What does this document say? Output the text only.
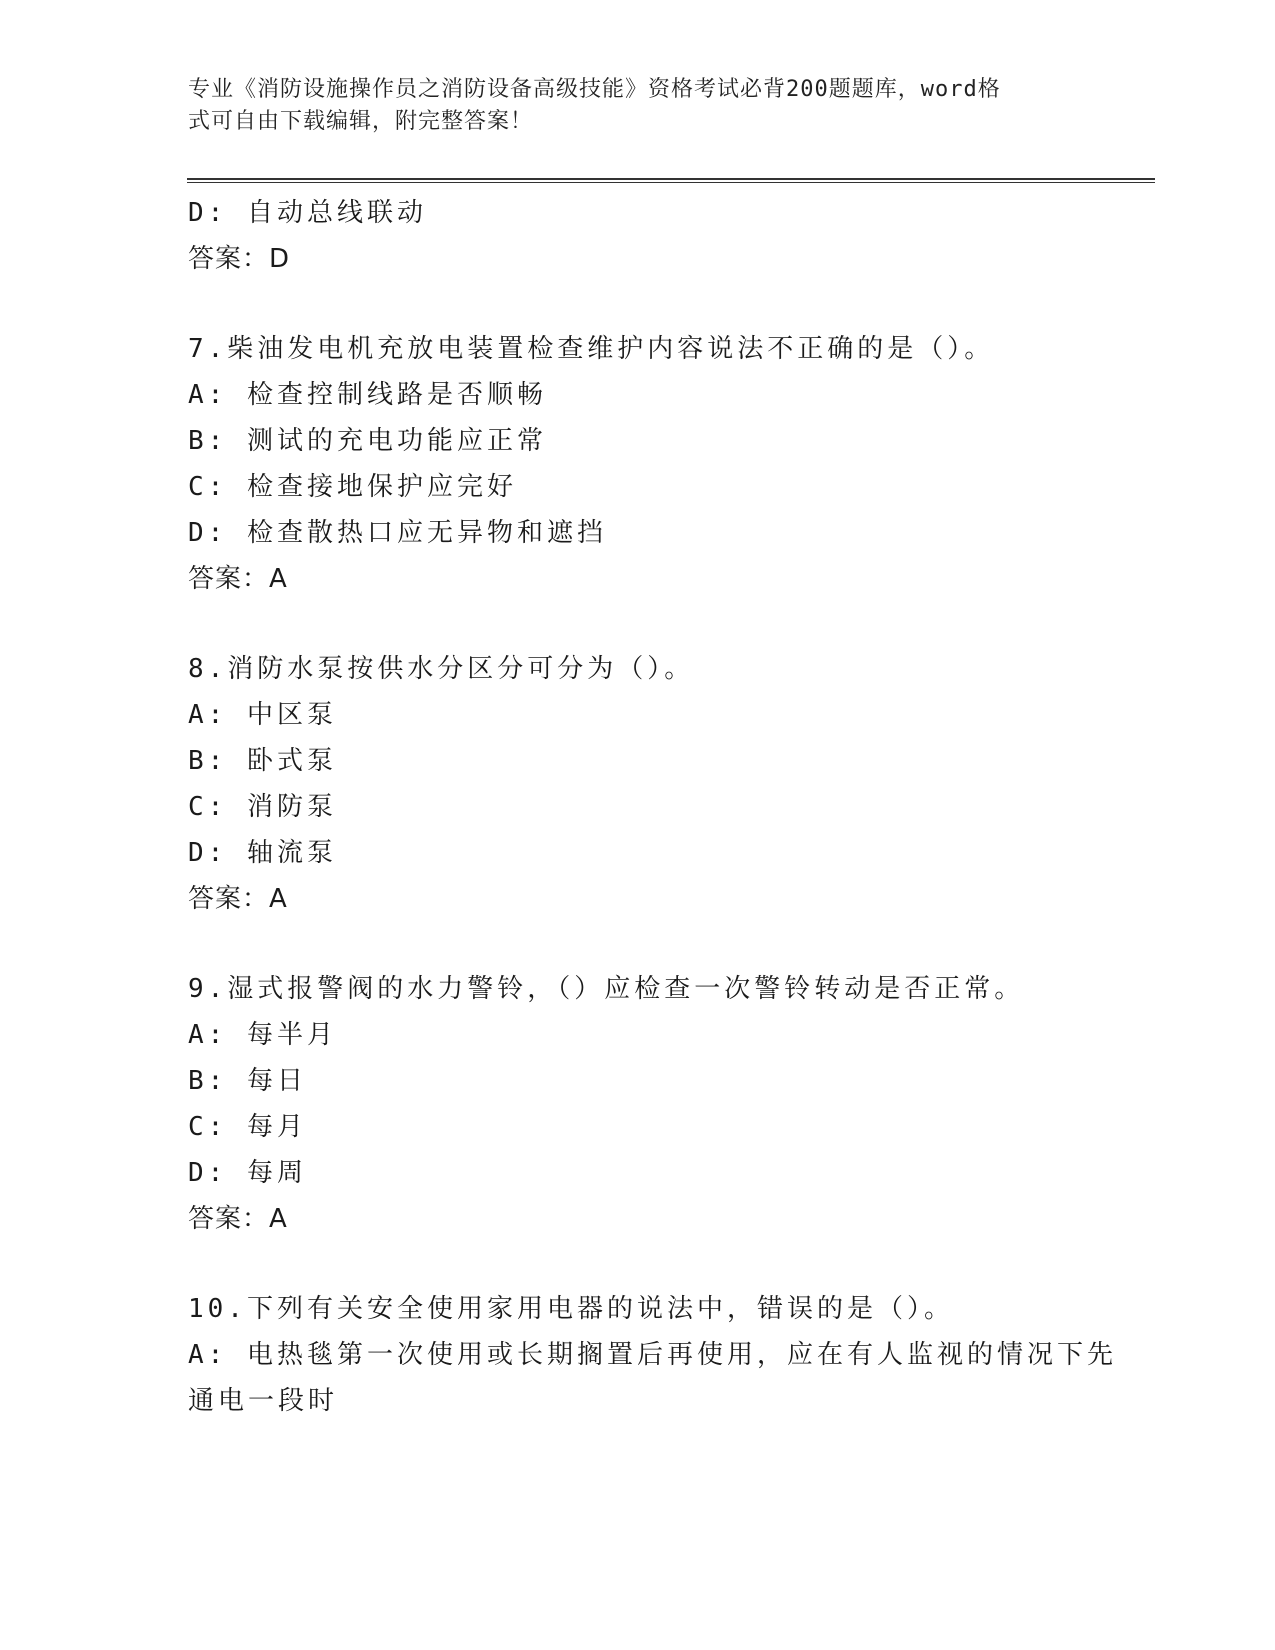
专业《消防设施操作员之消防设备高级技能》资格考试必背200题题库，word格
式可自由下载编辑，附完整答案！
D: 自动总线联动
答案：D
7.柴油发电机充放电装置检查维护内容说法不正确的是（）。
A: 检查控制线路是否顺畅
B: 测试的充电功能应正常
C: 检查接地保护应完好
D: 检查散热口应无异物和遮挡
答案：A
8.消防水泵按供水分区分可分为（）。
A: 中区泵
B: 卧式泵
C: 消防泵
D: 轴流泵
答案：A
9.湿式报警阀的水力警铃，（）应检查一次警铃转动是否正常。
A: 每半月
B: 每日
C: 每月
D: 每周
答案：A
10.下列有关安全使用家用电器的说法中，错误的是（）。
A: 电热毯第一次使用或长期搁置后再使用，应在有人监视的情况下先
通电一段时
